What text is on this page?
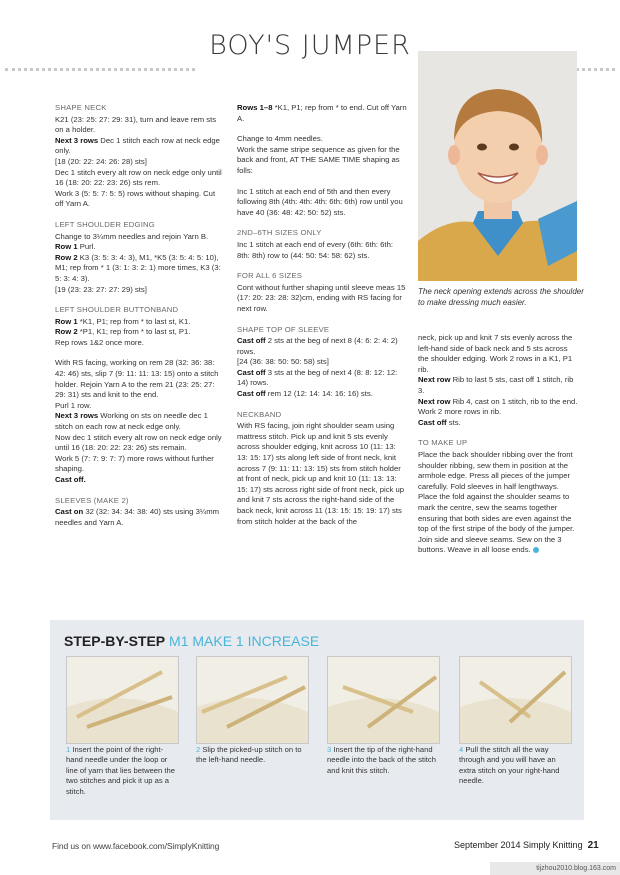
BOY'S JUMPER
SHAPE NECK

K21 (23: 25: 27: 29: 31), turn and leave rem sts on a holder.
Next 3 rows Dec 1 stitch each row at neck edge only.
[18 (20: 22: 24: 26: 28) sts]
Dec 1 stitch every alt row on neck edge only until 16 (18: 20: 22: 23: 26) sts rem.
Work 3 (5: 5: 7: 5: 5) rows without shaping. Cut off Yarn A.

LEFT SHOULDER EDGING

Change to 3¼mm needles and rejoin Yarn B.
Row 1 Purl.
Row 2 K3 (3: 5: 3: 4: 3), M1, *K5 (3: 5: 4: 5: 10), M1; rep from * 1 (3: 1: 3: 2: 1) more times, K3 (3: 5: 3: 4: 3).
[19 (23: 23: 27: 27: 29) sts]

LEFT SHOULDER BUTTONBAND

Row 1 *K1, P1; rep from * to last st, K1.
Row 2 *P1, K1; rep from * to last st, P1.
Rep rows 1&2 once more.

With RS facing, working on rem 28 (32: 36: 38: 42: 46) sts, slip 7 (9: 11: 11: 13: 15) onto a stitch holder. Rejoin Yarn A to the rem 21 (23: 25: 27: 29: 31) sts and knit to the end.
Purl 1 row.
Next 3 rows Working on sts on needle dec 1 stitch on each row at neck edge only.
Now dec 1 stitch every alt row on neck edge only until 16 (18: 20: 22: 23: 26) sts remain.
Work 5 (7: 7: 9: 7: 7) more rows without further shaping.
Cast off.

SLEEVES (MAKE 2)

Cast on 32 (32: 34: 34: 38: 40) sts using 3¼mm needles and Yarn A.

Rows 1–8 *K1, P1; rep from * to end. Cut off Yarn A.

Change to 4mm needles.
Work the same stripe sequence as given for the back and front, AT THE SAME TIME shaping as folls:

Inc 1 stitch at each end of 5th and then every following 8th (4th: 4th: 4th: 6th: 6th) row until you have 40 (36: 48: 42: 50: 52) sts.

2ND–6TH SIZES ONLY

Inc 1 stitch at each end of every (6th: 6th: 6th: 8th: 8th) row to (44: 50: 54: 58: 62) sts.

FOR ALL 6 SIZES

Cont without further shaping until sleeve meas 15 (17: 20: 23: 28: 32)cm, ending with RS facing for next row.

SHAPE TOP OF SLEEVE

Cast off 2 sts at the beg of next 8 (4: 6: 2: 4: 2) rows.
[24 (36: 38: 50: 50: 58) sts]
Cast off 3 sts at the beg of next 4 (8: 8: 12: 12: 14) rows.
Cast off rem 12 (12: 14: 14: 16: 16) sts.

NECKBAND

With RS facing, join right shoulder seam using mattress stitch. Pick up and knit 5 sts evenly across shoulder edging, knit across 10 (11: 13: 13: 15: 17) sts along left side of front neck, knit across 7 (9: 11: 11: 13: 15) sts from stitch holder at front of neck, pick up and knit 10 (11: 13: 13: 15: 17) sts across right side of front neck, pick up and knit 7 sts across the right-hand side of the back neck, knit across 11 (13: 15: 15: 19: 17) sts from stitch holder at the back of the

The neck opening extends across the shoulder to make dressing much easier.

neck, pick up and knit 7 sts evenly across the left-hand side of back neck and 5 sts across the shoulder edging. Work 2 rows in a K1, P1 rib.
Next row Rib to last 5 sts, cast off 1 stitch, rib 3.
Next row Rib 4, cast on 1 stitch, rib to the end.
Work 2 more rows in rib.
Cast off sts.

TO MAKE UP

Place the back shoulder ribbing over the front shoulder ribbing, sew them in position at the armhole edge. Press all pieces of the jumper carefully. Fold sleeves in half lengthways. Place the fold against the shoulder seams to mark the centre, sew the seams together ensuring that both sides are even against the top of the first stripe of the body of the jumper. Join side and sleeve seams. Sew on the 3 buttons. Weave in all loose ends.

STEP-BY-STEP M1 MAKE 1 INCREASE
1 Insert the point of the right-hand needle under the loop or line of yarn that lies between the two stitches and pick it up as a stitch.
2 Slip the picked-up stitch on to the left-hand needle.
3 Insert the tip of the right-hand needle into the back of the stitch and knit this stitch.
4 Pull the stitch all the way through and you will have an extra stitch on your right-hand needle.
Find us on www.facebook.com/SimplyKnitting	September 2014 Simply Knitting 21
tijzhou2010.blog.163.com
